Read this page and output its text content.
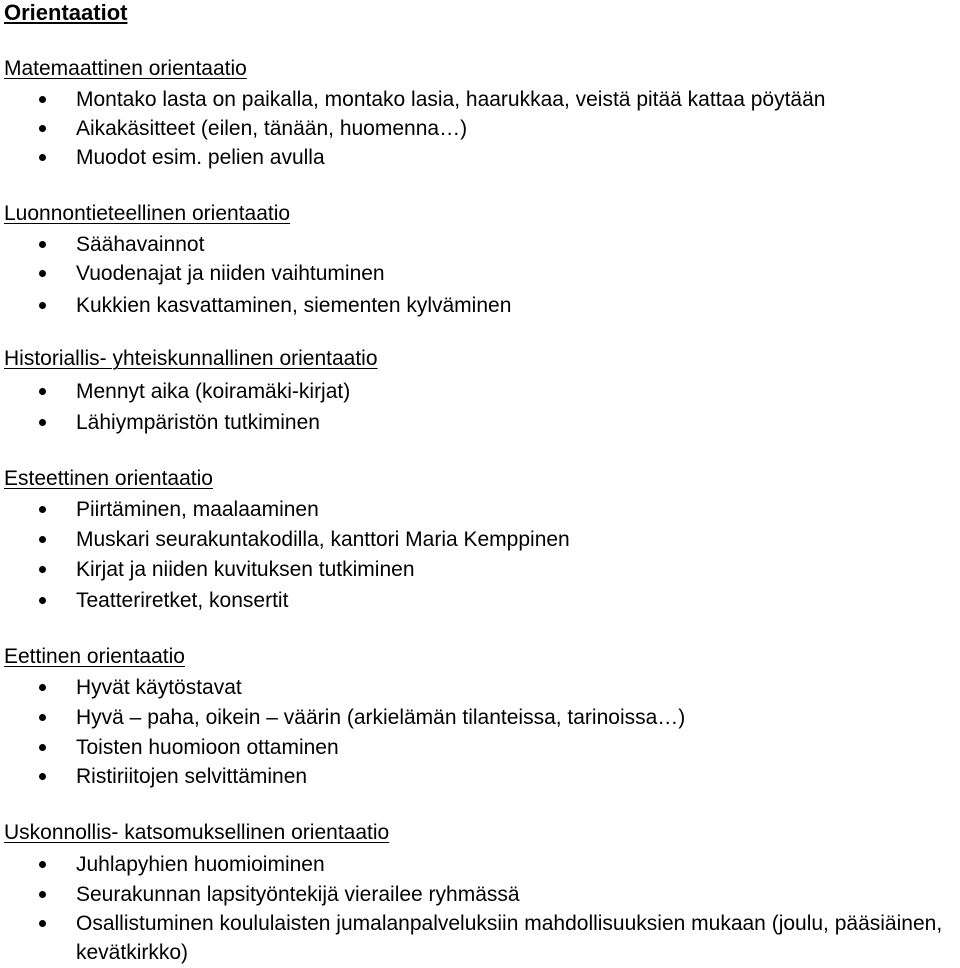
Orientaatiot
Matemaattinen orientaatio
Montako lasta on paikalla, montako lasia, haarukkaa, veistä pitää kattaa pöytään
Aikakäsitteet (eilen, tänään, huomenna…)
Muodot esim. pelien avulla
Luonnontieteellinen orientaatio
Säähavainnot
Vuodenajat ja niiden vaihtuminen
Kukkien kasvattaminen, siementen kylväminen
Historiallis- yhteiskunnallinen orientaatio
Mennyt aika (koiramäki-kirjat)
Lähiympäristön tutkiminen
Esteettinen orientaatio
Piirtäminen, maalaaminen
Muskari seurakuntakodilla, kanttori Maria Kemppinen
Kirjat ja niiden kuvituksen tutkiminen
Teatteriretket, konsertit
Eettinen orientaatio
Hyvät käytöstavat
Hyvä – paha, oikein – väärin (arkielämän tilanteissa, tarinoissa…)
Toisten huomioon ottaminen
Ristiriitojen selvittäminen
Uskonnollis- katsomuksellinen orientaatio
Juhlapyhien huomioiminen
Seurakunnan lapsityöntekijä vierailee ryhmässä
Osallistuminen koululaisten jumalanpalveluksiin mahdollisuuksien mukaan (joulu, pääsiäinen, kevätkirkko)
